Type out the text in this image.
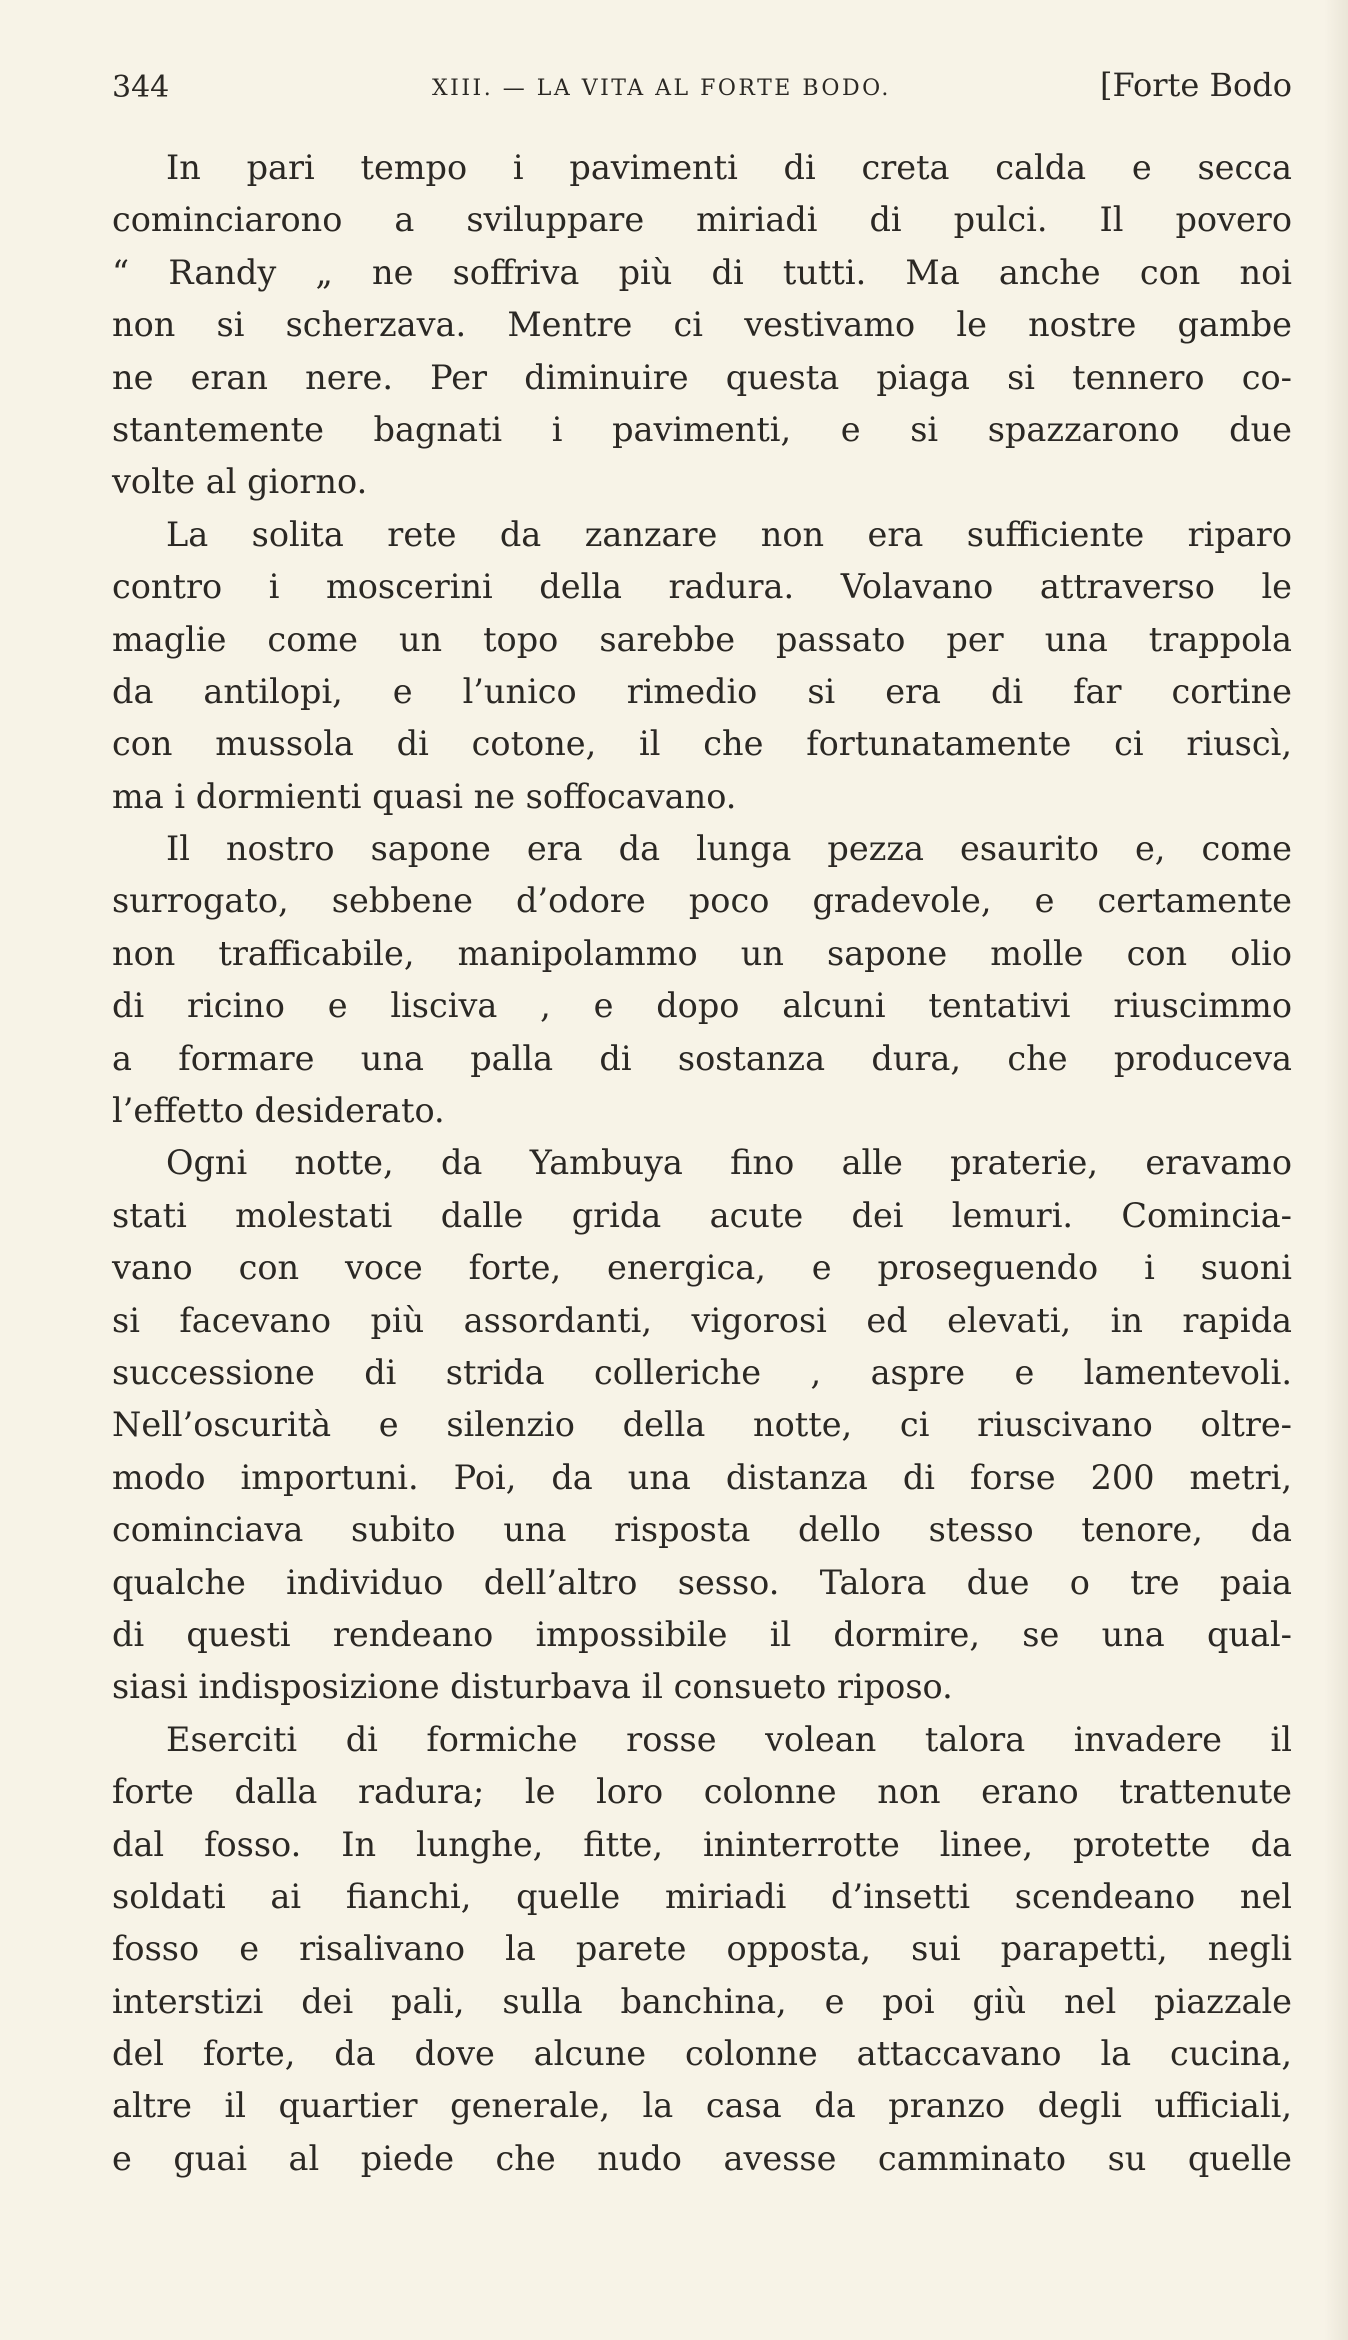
344	XIII. — LA VITA AL FORTE BODO.	[Forte Bodo
In pari tempo i pavimenti di creta calda e secca
cominciarono a sviluppare miriadi di pulci. Il povero
“ Randy „ ne soffriva più di tutti. Ma anche con noi
non si scherzava. Mentre ci vestivamo le nostre gambe
ne eran nere. Per diminuire questa piaga si tennero co-
stantemente bagnati i pavimenti, e si spazzarono due
volte al giorno.
La solita rete da zanzare non era sufficiente riparo
contro i moscerini della radura. Volavano attraverso le
maglie come un topo sarebbe passato per una trappola
da antilopi, e l’unico rimedio si era di far cortine
con mussola di cotone, il che fortunatamente ci riuscì,
ma i dormienti quasi ne soffocavano.
Il nostro sapone era da lunga pezza esaurito e, come
surrogato, sebbene d’odore poco gradevole, e certamente
non trafficabile, manipolammo un sapone molle con olio
di ricino e lisciva , e dopo alcuni tentativi riuscimmo
a formare una palla di sostanza dura, che produceva
l’effetto desiderato.
Ogni notte, da Yambuya fino alle praterie, eravamo
stati molestati dalle grida acute dei lemuri. Comincia-
vano con voce forte, energica, e proseguendo i suoni
si facevano più assordanti, vigorosi ed elevati, in rapida
successione di strida colleriche , aspre e lamentevoli.
Nell’oscurità e silenzio della notte, ci riuscivano oltre-
modo importuni. Poi, da una distanza di forse 200 metri,
cominciava subito una risposta dello stesso tenore, da
qualche individuo dell’altro sesso. Talora due o tre paia
di questi rendeano impossibile il dormire, se una qual-
siasi indisposizione disturbava il consueto riposo.
Eserciti di formiche rosse volean talora invadere il
forte dalla radura; le loro colonne non erano trattenute
dal fosso. In lunghe, fitte, ininterrotte linee, protette da
soldati ai fianchi, quelle miriadi d’insetti scendeano nel
fosso e risalivano la parete opposta, sui parapetti, negli
interstizi dei pali, sulla banchina, e poi giù nel piazzale
del forte, da dove alcune colonne attaccavano la cucina,
altre il quartier generale, la casa da pranzo degli ufficiali,
e guai al piede che nudo avesse camminato su quelle
